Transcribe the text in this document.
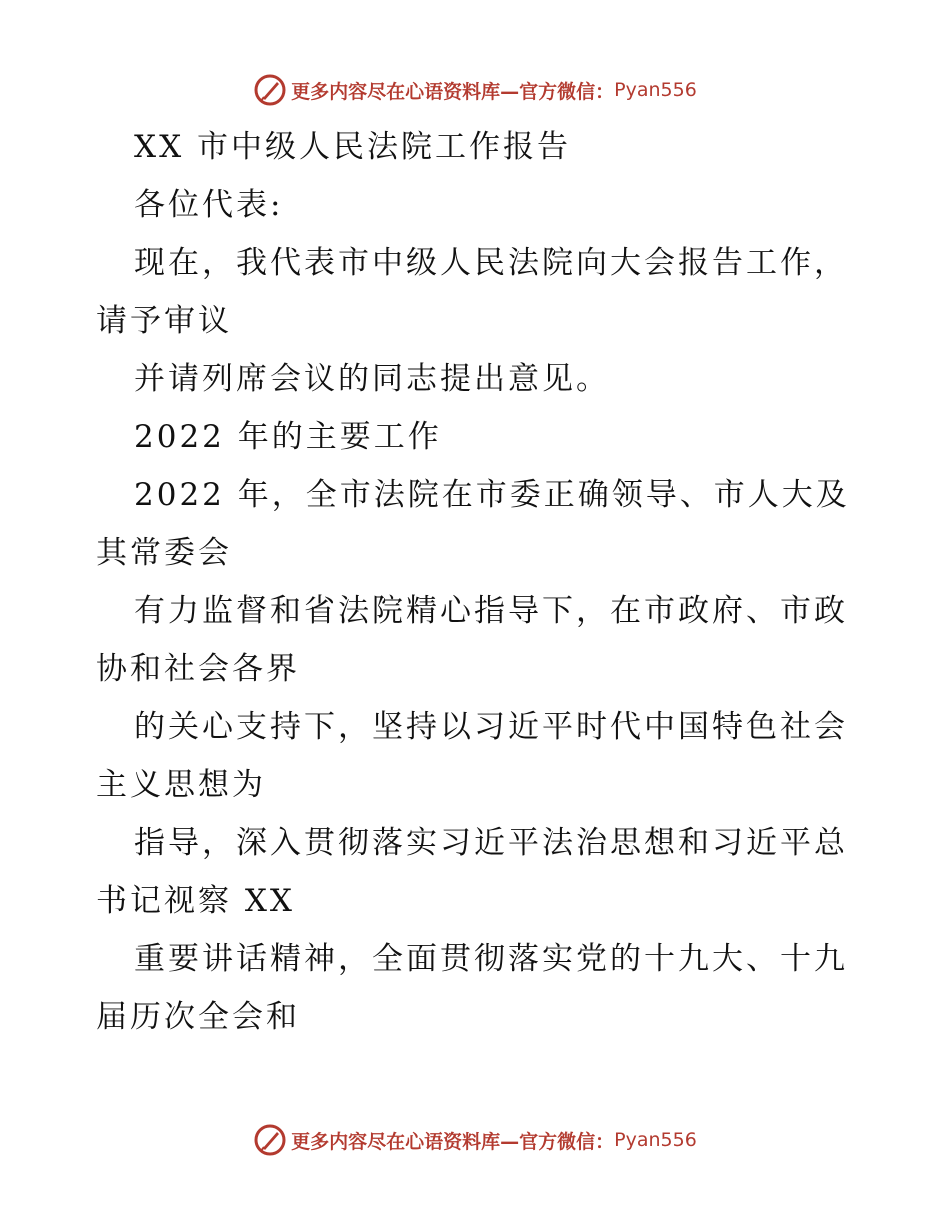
更多内容尽在心语资料库—官方微信： Pyan556
XX 市中级人民法院工作报告
各位代表:
现在，我代表市中级人民法院向大会报告工作，
请予审议
并请列席会议的同志提出意见。
2022 年的主要工作
2022 年，全市法院在市委正确领导、市人大及
其常委会
有力监督和省法院精心指导下，在市政府、市政
协和社会各界
的关心支持下，坚持以习近平时代中国特色社会
主义思想为
指导，深入贯彻落实习近平法治思想和习近平总
书记视察 XX
重要讲话精神，全面贯彻落实党的十九大、十九
届历次全会和
更多内容尽在心语资料库—官方微信： Pyan556
